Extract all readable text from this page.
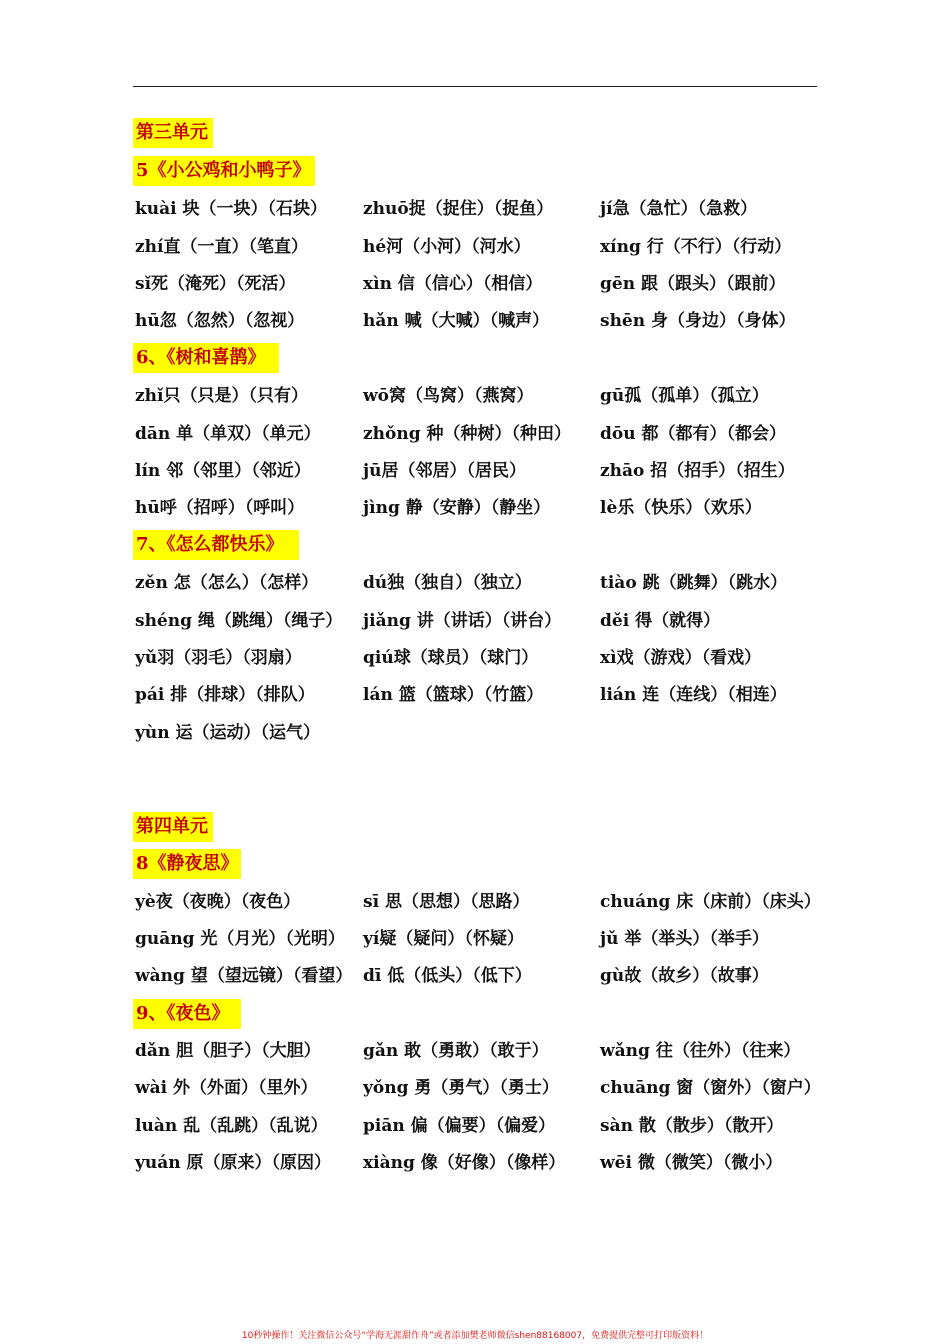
第三单元
5《小公鸡和小鸭子》
kuài 块（一块）（石块） zhuō捉（捉住）（捉鱼）	jí急（急忙）（急救）
zhí直（一直）（笔直）	hé河（小河）（河水）	xíng 行（不行）（行动）
sǐ死（淹死）（死活）	xìn 信（信心）（相信）	gēn 跟（跟头）（跟前）
hū忽（忽然）（忽视）	hǎn 喊（大喊）（喊声）	shēn 身（身边）（身体）
6、《树和喜鹊》
zhǐ只（只是）（只有）	wō窝（鸟窝）（燕窝）	gū孤（孤单）（孤立）
dān 单（单双）（单元） zhǒng 种（种树）（种田） dōu 都（都有）（都会）
lín 邻（邻里）（邻近）	jū居（邻居）（居民）	zhāo 招（招手）（招生）
hū呼（招呼）（呼叫）	jìng 静（安静）（静坐）	lè乐（快乐）（欢乐）
7、《怎么都快乐》
zěn 怎（怎么）（怎样）	dú独（独自）（独立）	tiào 跳（跳舞）（跳水）
shéng 绳（跳绳）（绳子） jiǎng 讲（讲话）（讲台） děi 得（就得）
yǔ羽（羽毛）（羽扇）	qiú球（球员）（球门）	xì戏（游戏）（看戏）
pái 排（排球）（排队）	lán 篮（篮球）（竹篮）	lián 连（连线）（相连）
yùn 运（运动）（运气）
第四单元
8《静夜思》
yè夜（夜晚）（夜色）	sī 思（思想）（思路）	chuáng 床（床前）（床头）
guāng 光（月光）（光明） yí疑（疑问）（怀疑）	jǔ 举（举头）（举手）
wàng 望（望远镜）（看望） dī 低（低头）（低下）	gù故（故乡）（故事）
9、《夜色》
dǎn 胆（胆子）（大胆） gǎn 敢（勇敢）（敢于）	wǎng 往（往外）（往来）
wài 外（外面）（里外）	yǒng 勇（勇气）（勇士） chuāng 窗（窗外）（窗户）
luàn 乱（乱跳）（乱说） piān 偏（偏要）（偏爱）	sàn 散（散步）（散开）
yuán 原（原来）（原因） xiàng 像（好像）（像样） wēi 微（微笑）（微小）
10秒钟操作！关注微信公众号“学海无涯甜作舟”或者添加樊老师微信shen88168007，免费提供完整可打印版资料！
